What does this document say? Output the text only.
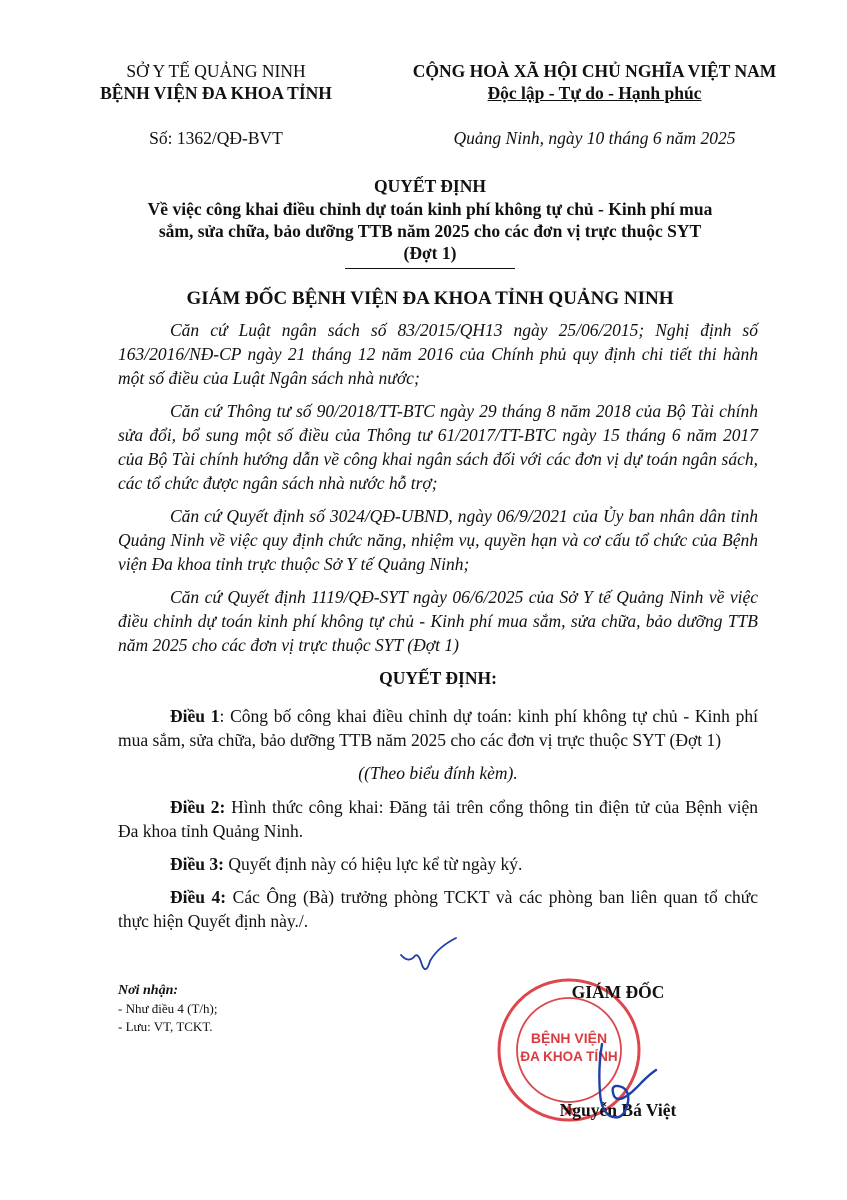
SỞ Y TẾ QUẢNG NINH
BỆNH VIỆN ĐA KHOA TỈNH
CỘNG HOÀ XÃ HỘI CHỦ NGHĨA VIỆT NAM
Độc lập - Tự do - Hạnh phúc
Số: 1362/QĐ-BVT	Quảng Ninh, ngày 10 tháng 6 năm 2025
QUYẾT ĐỊNH
Về việc công khai điều chỉnh dự toán kinh phí không tự chủ - Kinh phí mua
sắm, sửa chữa, bảo dưỡng TTB năm 2025 cho các đơn vị trực thuộc SYT
(Đợt 1)
GIÁM ĐỐC BỆNH VIỆN ĐA KHOA TỈNH QUẢNG NINH

Căn cứ Luật ngân sách số 83/2015/QH13 ngày 25/06/2015; Nghị định số 163/2016/NĐ-CP ngày 21 tháng 12 năm 2016 của Chính phủ quy định chi tiết thi hành một số điều của Luật Ngân sách nhà nước;

Căn cứ Thông tư số 90/2018/TT-BTC ngày 29 tháng 8 năm 2018 của Bộ Tài chính sửa đổi, bổ sung một số điều của Thông tư 61/2017/TT-BTC ngày 15 tháng 6 năm 2017 của Bộ Tài chính hướng dẫn về công khai ngân sách đối với các đơn vị dự toán ngân sách, các tổ chức được ngân sách nhà nước hỗ trợ;

Căn cứ Quyết định số 3024/QĐ-UBND, ngày 06/9/2021 của Ủy ban nhân dân tỉnh Quảng Ninh về việc quy định chức năng, nhiệm vụ, quyền hạn và cơ cấu tổ chức của Bệnh viện Đa khoa tỉnh trực thuộc Sở Y tế Quảng Ninh;

Căn cứ Quyết định 1119/QĐ-SYT ngày 06/6/2025 của Sở Y tế Quảng Ninh về việc điều chỉnh dự toán kinh phí không tự chủ - Kinh phí mua sắm, sửa chữa, bảo dưỡng TTB năm 2025 cho các đơn vị trực thuộc SYT (Đợt 1)

QUYẾT ĐỊNH:

Điều 1: Công bố công khai điều chỉnh dự toán: kinh phí không tự chủ - Kinh phí mua sắm, sửa chữa, bảo dưỡng TTB năm 2025 cho các đơn vị trực thuộc SYT (Đợt 1)

((Theo biểu đính kèm).

Điều 2: Hình thức công khai: Đăng tải trên cổng thông tin điện tử của Bệnh viện Đa khoa tỉnh Quảng Ninh.

Điều 3: Quyết định này có hiệu lực kể từ ngày ký.

Điều 4: Các Ông (Bà) trưởng phòng TCKT và các phòng ban liên quan tổ chức thực hiện Quyết định này./.

Nơi nhận:
- Như điều 4 (T/h);
- Lưu: VT, TCKT.
BỆNH VIỆN
ĐA KHOA TỈNH
GIÁM ĐỐC
Nguyễn Bá Việt
